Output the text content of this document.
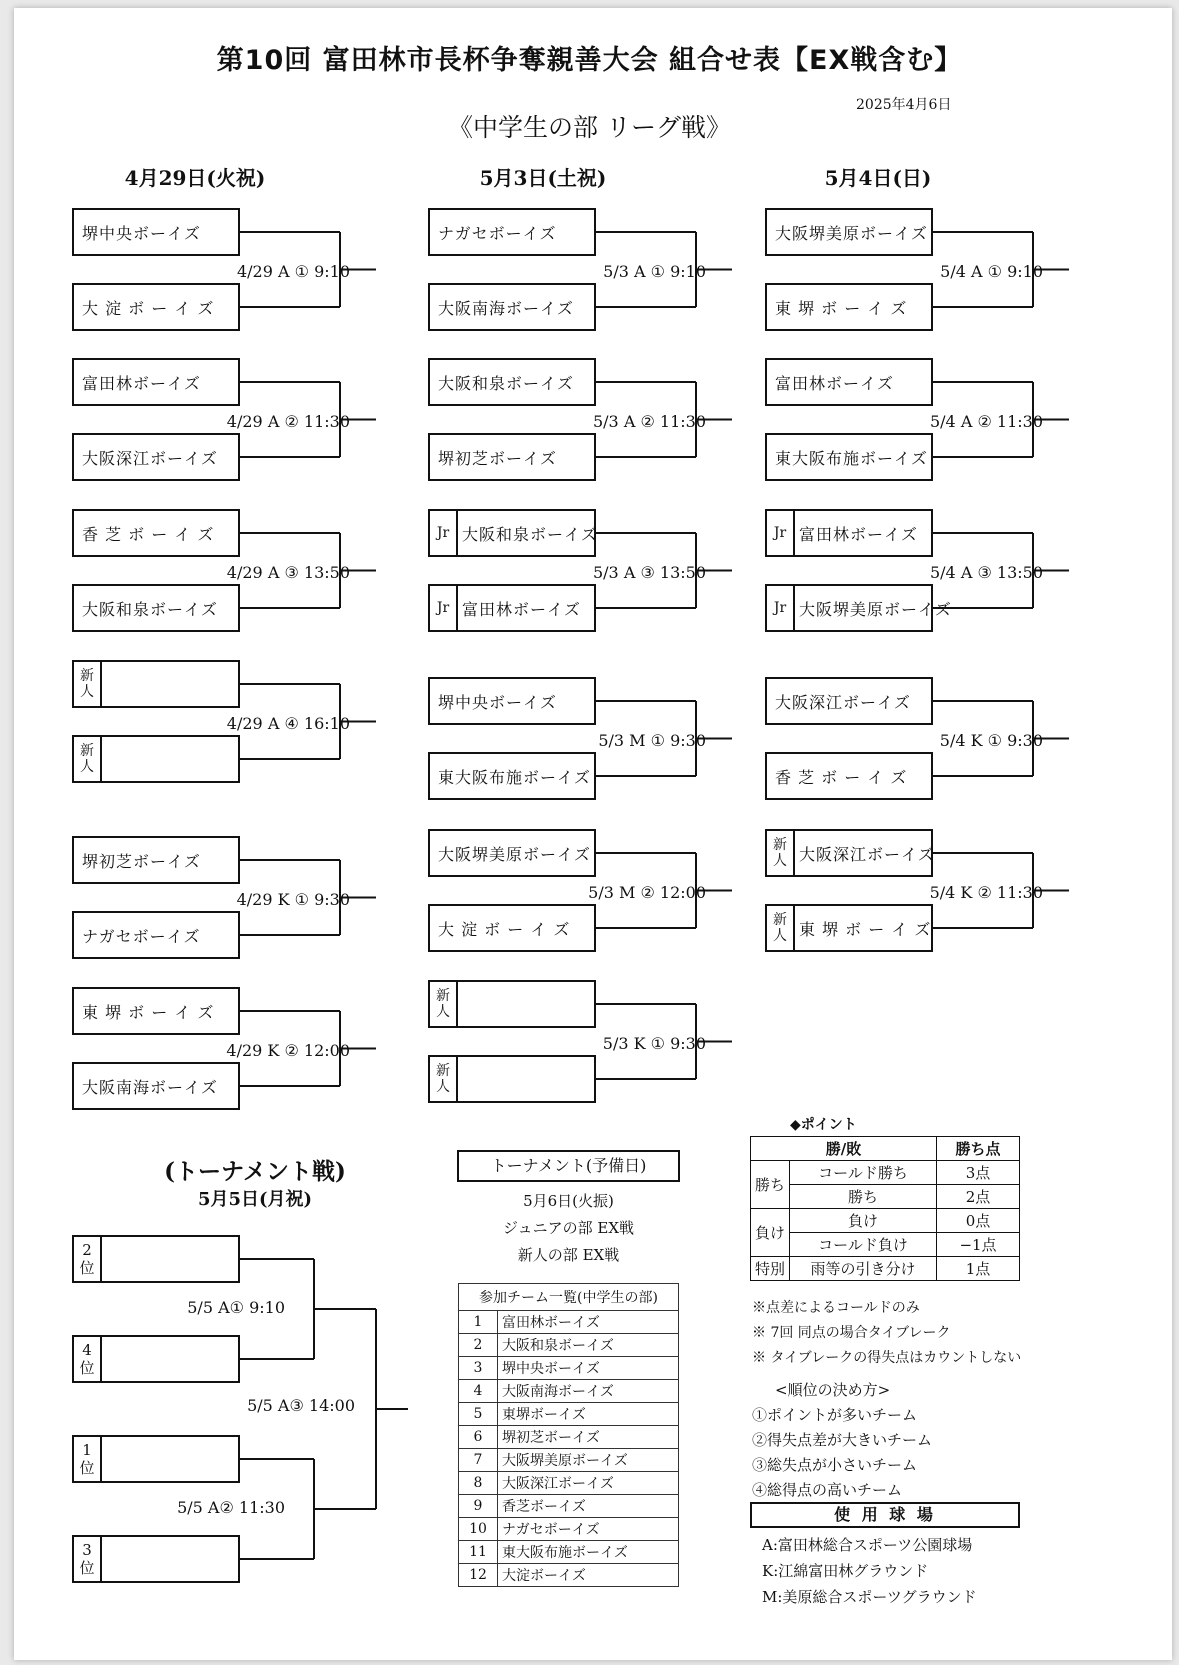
第10回 富田林市長杯争奪親善大会 組合せ表【EX戦含む】
2025年4月6日
《中学生の部 リーグ戦》
4月29日(火祝)
堺中央ボーイズ
大 淀 ボ ー イ ズ
4/29 A ① 9:10
富田林ボーイズ
大阪深江ボーイズ
4/29 A ② 11:30
香 芝 ボ ー イ ズ
大阪和泉ボーイズ
4/29 A ③ 13:50
新
人
新
人
4/29 A ④ 16:10
堺初芝ボーイズ
ナガセボーイズ
4/29 K ① 9:30
東 堺 ボ ー イ ズ
大阪南海ボーイズ
4/29 K ② 12:00
5月3日(土祝)
ナガセボーイズ
大阪南海ボーイズ
5/3 A ① 9:10
大阪和泉ボーイズ
堺初芝ボーイズ
5/3 A ② 11:30
Jr 大阪和泉ボーイズ
Jr 富田林ボーイズ
5/3 A ③ 13:50
堺中央ボーイズ
東大阪布施ボーイズ
5/3 M ① 9:30
大阪堺美原ボーイズ
大 淀 ボ ー イ ズ
5/3 M ② 12:00
新
人
新
人
5/3 K ① 9:30
5月4日(日)
大阪堺美原ボーイズ
東 堺 ボ ー イ ズ
5/4 A ① 9:10
富田林ボーイズ
東大阪布施ボーイズ
5/4 A ② 11:30
Jr 富田林ボーイズ
Jr 大阪堺美原ボーイズ
5/4 A ③ 13:50
大阪深江ボーイズ
香 芝 ボ ー イ ズ
5/4 K ① 9:30
新
人 大阪深江ボーイズ
新
人 東 堺 ボ ー イ ズ
5/4 K ② 11:30
(トーナメント戦)
5月5日(月祝)
2
位
4
位
1
位
3
位
5/5 A① 9:10
5/5 A② 11:30
5/5 A③ 14:00
トーナメント(予備日)
5月6日(火振)
ジュニアの部 EX戦
新人の部 EX戦
参加チーム一覧(中学生の部)	
1	富田林ボーイズ
2	大阪和泉ボーイズ
3	堺中央ボーイズ
4	大阪南海ボーイズ
5	東堺ボーイズ
6	堺初芝ボーイズ
7	大阪堺美原ボーイズ
8	大阪深江ボーイズ
9	香芝ボーイズ
10	ナガセボーイズ
11	東大阪布施ボーイズ
12	大淀ボーイズ
◆ポイント
勝/敗		勝ち点
勝ち	コールド勝ち	3点
	勝ち	2点
負け	負け	0点
	コールド負け	−1点
特別	雨等の引き分け	1点
※点差によるコールドのみ
※ 7回 同点の場合タイブレーク
※ タイブレークの得失点はカウントしない
<順位の決め方>
①ポイントが多いチーム
②得失点差が大きいチーム
③総失点が小さいチーム
④総得点の高いチーム
使 用 球 場
A:富田林総合スポーツ公園球場
K:江綿富田林グラウンド
M:美原総合スポーツグラウンド
